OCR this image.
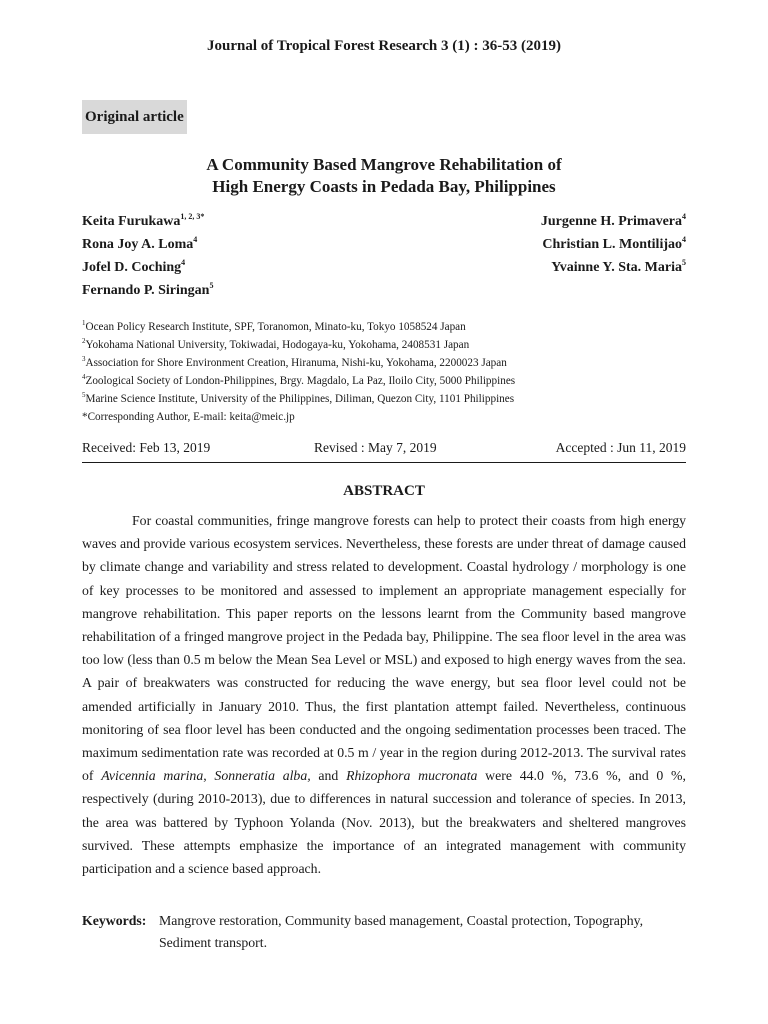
Journal of Tropical Forest Research 3 (1) : 36-53 (2019)
Original article
A Community Based Mangrove Rehabilitation of
High Energy Coasts in Pedada Bay, Philippines
Keita Furukawa$^{1, 2, 3*}$	Jurgenne H. Primavera$^4$
Rona Joy A. Loma$^4$	Christian L. Montilijao$^4$
Jofel D. Coching$^4$	Yvainne Y. Sta. Maria$^5$
Fernando P. Siringan$^5$
$^1$Ocean Policy Research Institute, SPF, Toranomon, Minato-ku, Tokyo 1058524 Japan
$^2$Yokohama National University, Tokiwadai, Hodogaya-ku, Yokohama, 2408531 Japan
$^3$Association for Shore Environment Creation, Hiranuma, Nishi-ku, Yokohama, 2200023 Japan
$^4$Zoological Society of London-Philippines, Brgy. Magdalo, La Paz, Iloilo City, 5000 Philippines
$^5$Marine Science Institute, University of the Philippines, Diliman, Quezon City, 1101 Philippines
*Corresponding Author, E-mail: keita@meic.jp
Received: Feb 13, 2019	Revised : May 7, 2019	Accepted : Jun 11, 2019
ABSTRACT
For coastal communities, fringe mangrove forests can help to protect their coasts from high energy waves and provide various ecosystem services. Nevertheless, these forests are under threat of damage caused by climate change and variability and stress related to development. Coastal hydrology / morphology is one of key processes to be monitored and assessed to implement an appropriate management especially for mangrove rehabilitation. This paper reports on the lessons learnt from the Community based mangrove rehabilitation of a fringed mangrove project in the Pedada bay, Philippine. The sea floor level in the area was too low (less than 0.5 m below the Mean Sea Level or MSL) and exposed to high energy waves from the sea. A pair of breakwaters was constructed for reducing the wave energy, but sea floor level could not be amended artificially in January 2010. Thus, the first plantation attempt failed. Nevertheless, continuous monitoring of sea floor level has been conducted and the ongoing sedimentation processes been traced. The maximum sedimentation rate was recorded at 0.5 m / year in the region during 2012-2013. The survival rates of Avicennia marina, Sonneratia alba, and Rhizophora mucronata were 44.0 %, 73.6 %, and 0 %, respectively (during 2010-2013), due to differences in natural succession and tolerance of species. In 2013, the area was battered by Typhoon Yolanda (Nov. 2013), but the breakwaters and sheltered mangroves survived. These attempts emphasize the importance of an integrated management with community participation and a science based approach.
Keywords: Mangrove restoration, Community based management, Coastal protection, Topography,
Sediment transport.
